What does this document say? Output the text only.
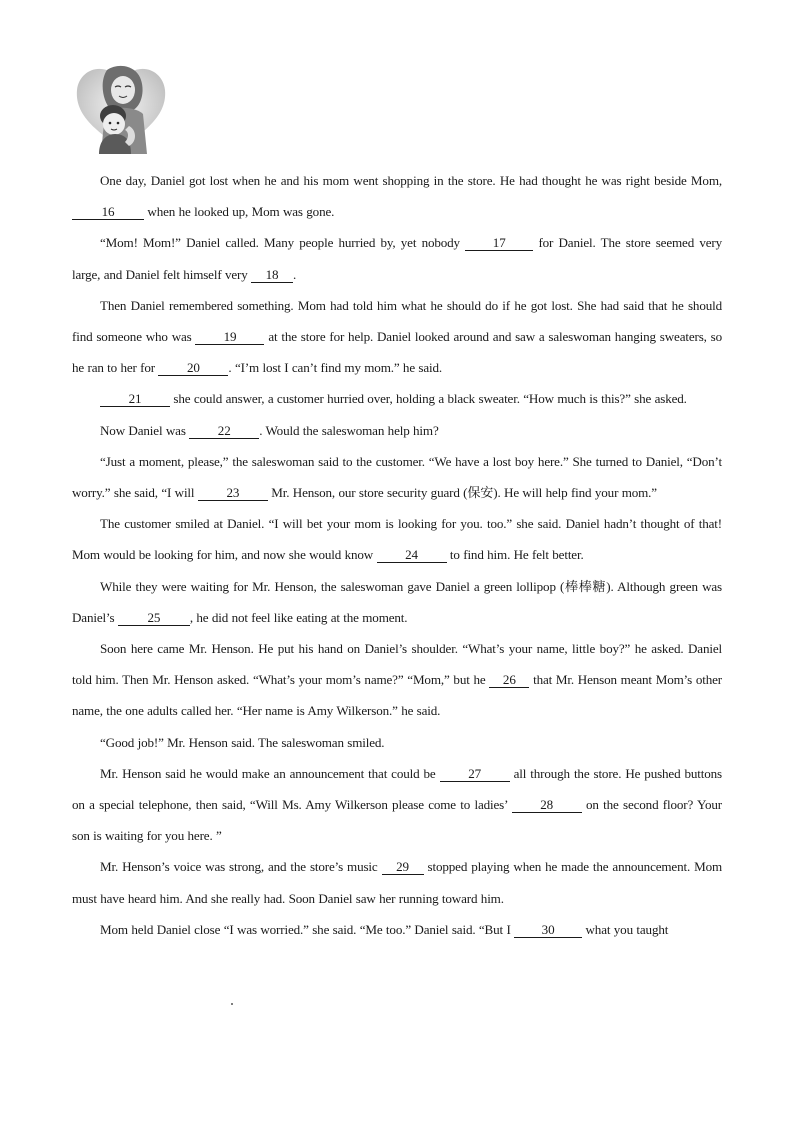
One day, Daniel got lost when he and his mom went shopping in the store. He had thought he was right beside Mom, 16 when he looked up, Mom was gone.

“Mom! Mom!” Daniel called. Many people hurried by, yet nobody 17 for Daniel. The store seemed very large, and Daniel felt himself very 18 .

Then Daniel remembered something. Mom had told him what he should do if he got lost. She had said that he should find someone who was 19 at the store for help. Daniel looked around and saw a saleswoman hanging sweaters, so he ran to her for 20 . “I’m lost I can’t find my mom.” he said.

21 she could answer, a customer hurried over, holding a black sweater. “How much is this?” she asked.

Now Daniel was 22 . Would the saleswoman help him?

“Just a moment, please,” the saleswoman said to the customer. “We have a lost boy here.” She turned to Daniel, “Don’t worry.” she said, “I will 23 Mr. Henson, our store security guard (保安). He will help find your mom.”

The customer smiled at Daniel. “I will bet your mom is looking for you. too.” she said. Daniel hadn’t thought of that! Mom would be looking for him, and now she would know 24 to find him. He felt better.

While they were waiting for Mr. Henson, the saleswoman gave Daniel a green lollipop (棒棒糖). Although green was Daniel’s 25 , he did not feel like eating at the moment.

Soon here came Mr. Henson. He put his hand on Daniel’s shoulder. “What’s your name, little boy?” he asked. Daniel told him. Then Mr. Henson asked. “What’s your mom’s name?” “Mom,” but he 26 that Mr. Henson meant Mom’s other name, the one adults called her. “Her name is Amy Wilkerson.” he said.

“Good job!” Mr. Henson said. The saleswoman smiled.

Mr. Henson said he would make an announcement that could be 27 all through the store. He pushed buttons on a special telephone, then said, “Will Ms. Amy Wilkerson please come to ladies’ 28 on the second floor? Your son is waiting for you here. ”

Mr. Henson’s voice was strong, and the store’s music 29 stopped playing when he made the announcement. Mom must have heard him. And she really had. Soon Daniel saw her running toward him.

Mom held Daniel close “I was worried.” she said. “Me too.” Daniel said. “But I 30 what you taught
